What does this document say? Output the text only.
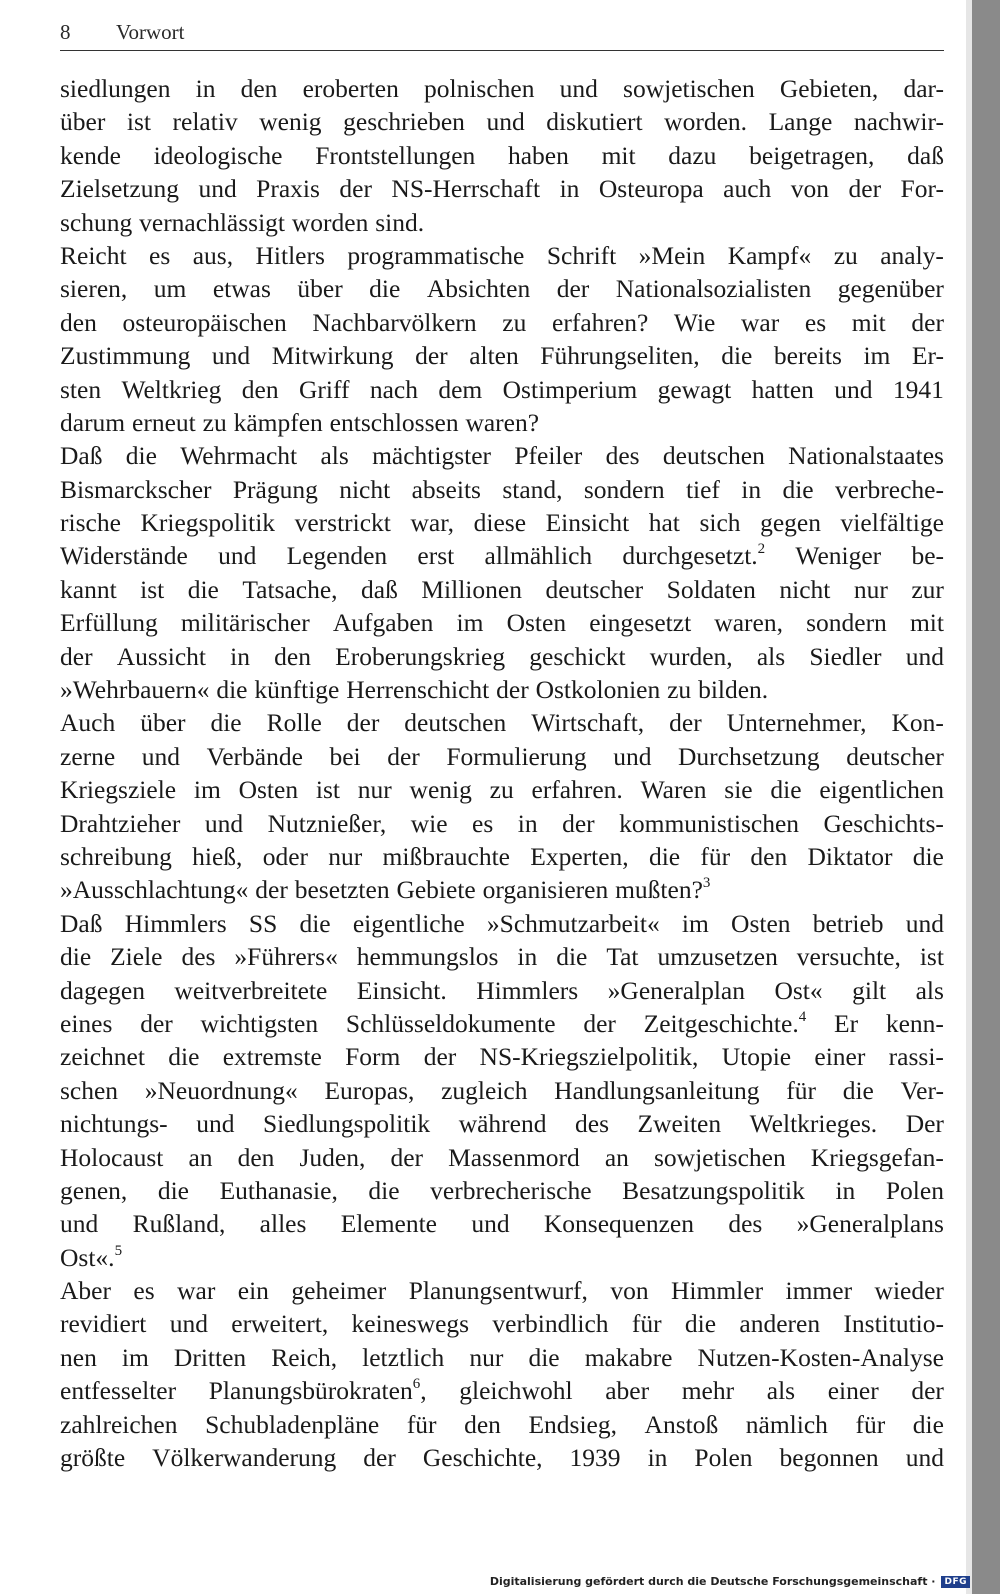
8 Vorwort
siedlungen in den eroberten polnischen und sowjetischen Gebieten, dar-
über ist relativ wenig geschrieben und diskutiert worden. Lange nachwir-
kende ideologische Frontstellungen haben mit dazu beigetragen, daß
Zielsetzung und Praxis der NS-Herrschaft in Osteuropa auch von der For-
schung vernachlässigt worden sind.
Reicht es aus, Hitlers programmatische Schrift »Mein Kampf« zu analy-
sieren, um etwas über die Absichten der Nationalsozialisten gegenüber
den osteuropäischen Nachbarvölkern zu erfahren? Wie war es mit der
Zustimmung und Mitwirkung der alten Führungseliten, die bereits im Er-
sten Weltkrieg den Griff nach dem Ostimperium gewagt hatten und 1941
darum erneut zu kämpfen entschlossen waren?
Daß die Wehrmacht als mächtigster Pfeiler des deutschen Nationalstaates
Bismarckscher Prägung nicht abseits stand, sondern tief in die verbreche-
rische Kriegspolitik verstrickt war, diese Einsicht hat sich gegen vielfältige
Widerstände und Legenden erst allmählich durchgesetzt.$^2$ Weniger be-
kannt ist die Tatsache, daß Millionen deutscher Soldaten nicht nur zur
Erfüllung militärischer Aufgaben im Osten eingesetzt waren, sondern mit
der Aussicht in den Eroberungskrieg geschickt wurden, als Siedler und
»Wehrbauern« die künftige Herrenschicht der Ostkolonien zu bilden.
Auch über die Rolle der deutschen Wirtschaft, der Unternehmer, Kon-
zerne und Verbände bei der Formulierung und Durchsetzung deutscher
Kriegsziele im Osten ist nur wenig zu erfahren. Waren sie die eigentlichen
Drahtzieher und Nutznießer, wie es in der kommunistischen Geschichts-
schreibung hieß, oder nur mißbrauchte Experten, die für den Diktator die
»Ausschlachtung« der besetzten Gebiete organisieren mußten?$^3$
Daß Himmlers SS die eigentliche »Schmutzarbeit« im Osten betrieb und
die Ziele des »Führers« hemmungslos in die Tat umzusetzen versuchte, ist
dagegen weitverbreitete Einsicht. Himmlers »Generalplan Ost« gilt als
eines der wichtigsten Schlüsseldokumente der Zeitgeschichte.$^4$ Er kenn-
zeichnet die extremste Form der NS-Kriegszielpolitik, Utopie einer rassi-
schen »Neuordnung« Europas, zugleich Handlungsanleitung für die Ver-
nichtungs- und Siedlungspolitik während des Zweiten Weltkrieges. Der
Holocaust an den Juden, der Massenmord an sowjetischen Kriegsgefan-
genen, die Euthanasie, die verbrecherische Besatzungspolitik in Polen
und Rußland, alles Elemente und Konsequenzen des »Generalplans
Ost«.$^5$
Aber es war ein geheimer Planungsentwurf, von Himmler immer wieder
revidiert und erweitert, keineswegs verbindlich für die anderen Institutio-
nen im Dritten Reich, letztlich nur die makabre Nutzen-Kosten-Analyse
entfesselter Planungsbürokraten$^6$, gleichwohl aber mehr als einer der
zahlreichen Schubladenpläne für den Endsieg, Anstoß nämlich für die
größte Völkerwanderung der Geschichte, 1939 in Polen begonnen und
Digitalisierung gefördert durch die Deutsche Forschungsgemeinschaft ·	DFG
